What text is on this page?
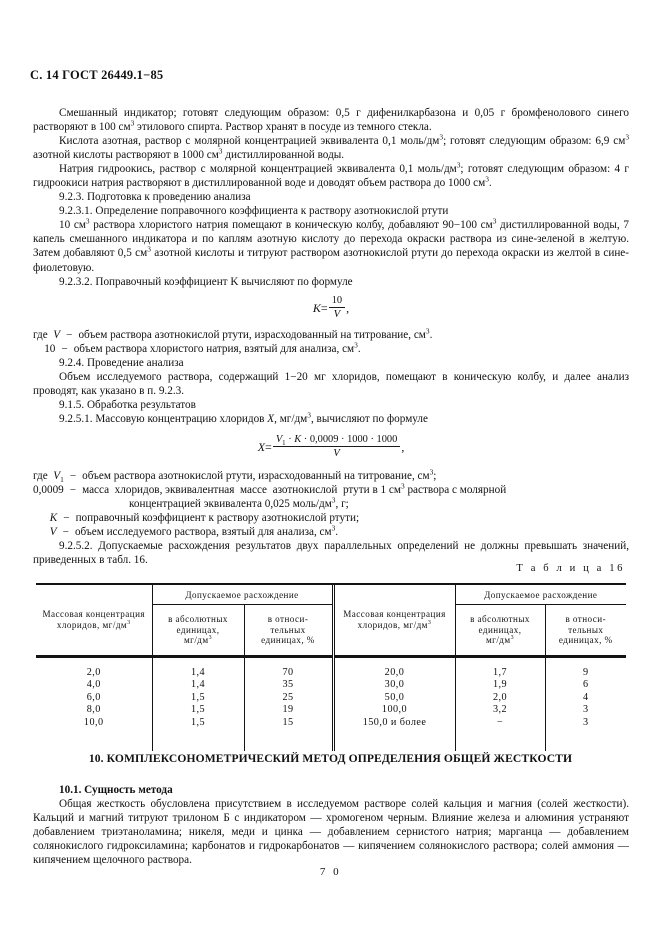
С. 14 ГОСТ 26449.1−85

Смешанный индикатор; готовят следующим образом: 0,5 г дифенилкарбазона и 0,05 г бромфенолового синего растворяют в 100 $см^3$ этилового спирта. Раствор хранят в посуде из темного стекла.

Кислота азотная, раствор с молярной концентрацией эквивалента 0,1 моль/$дм^3$; готовят следующим образом: 6,9 $см^3$ азотной кислоты растворяют в 1000 $см^3$ дистиллированной воды.

Натрия гидроокись, раствор с молярной концентрацией эквивалента 0,1 моль/$дм^3$; готовят следующим образом: 4 г гидроокиси натрия растворяют в дистиллированной воде и доводят объем раствора до 1000 $см^3$.

9.2.3. Подготовка к проведению анализа

9.2.3.1. Определение поправочного коэффициента к раствору азотнокислой ртути

10 $см^3$ раствора хлористого натрия помещают в коническую колбу, добавляют 90−100 $см^3$ дистиллированной воды, 7 капель смешанного индикатора и по каплям азотную кислоту до перехода окраски раствора из сине-зеленой в желтую. Затем добавляют 0,5 $см^3$ азотной кислоты и титруют раствором азотнокислой ртути до перехода окраски из желтой в сине-фиолетовую.

9.2.3.2. Поправочный коэффициент K вычисляют по формуле

$K= \frac{10}{V}$ ,
где  V − объем раствора азотнокислой ртути, израсходованный на титрование, $см^3$.
10 − объем раствора хлористого натрия, взятый для анализа, $см^3$.

9.2.4. Проведение анализа

Объем исследуемого раствора, содержащий 1−20 мг хлоридов, помещают в коническую колбу, и далее анализ проводят, как указано в п. 9.2.3.

9.1.5. Обработка результатов

9.2.5.1. Массовую концентрацию хлоридов X, $мг/дм^3$, вычисляют по формуле

$X= \frac{V_1 \cdot K \cdot 0,0009 \cdot 1000 \cdot 1000}{V}$ ,
где  $V_1$ − объем раствора азотнокислой ртути, израсходованный на титрование, $см^3$;
0,0009 − масса  хлоридов, эквивалентная  массе  азотнокислой  ртути в 1 $см^3$ раствора с молярной
концентрацией эквивалента 0,025 моль/$дм^3$, г;
K − поправочный коэффициент к раствору азотнокислой ртути;
V − объем исследуемого раствора, взятый для анализа, $см^3$.

9.2.5.2. Допускаемые расхождения результатов двух параллельных определений не должны превышать значений, приведенных в табл. 16.

Т а б л и ц а 16

Массовая концентрация
хлоридов, $мг/дм^3$	Допускаемое расхождение		Массовая концентрация
хлоридов, $мг/дм^3$	Допускаемое расхождение	
	в абсолютных
единицах,
$мг/дм^3$	в относи-
тельных
единицах, %		в абсолютных
единицах,
$мг/дм^3$	в относи-
тельных
единицах, %

2,0	1,4	70	20,0	1,7	9
4,0	1,4	35	30,0	1,9	6
6,0	1,5	25	50,0	2,0	4
8,0	1,5	19	100,0	3,2	3
10,0	1,5	15	150,0 и более	−	3

10. КОМПЛЕКСОНОМЕТРИЧЕСКИЙ МЕТОД ОПРЕДЕЛЕНИЯ ОБЩЕЙ ЖЕСТКОСТИ

10.1. Сущность метода

Общая жесткость обусловлена присутствием в исследуемом растворе солей кальция и магния (солей жесткости). Кальций и магний титруют трилоном Б с индикатором — хромогеном черным. Влияние железа и алюминия устраняют добавлением триэтаноламина; никеля, меди и цинка — добавлением сернистого натрия; марганца — добавлением солянокислого гидроксиламина; карбонатов и гидрокарбонатов — кипячением солянокислого раствора; солей аммония — кипячением щелочного раствора.

7 0
